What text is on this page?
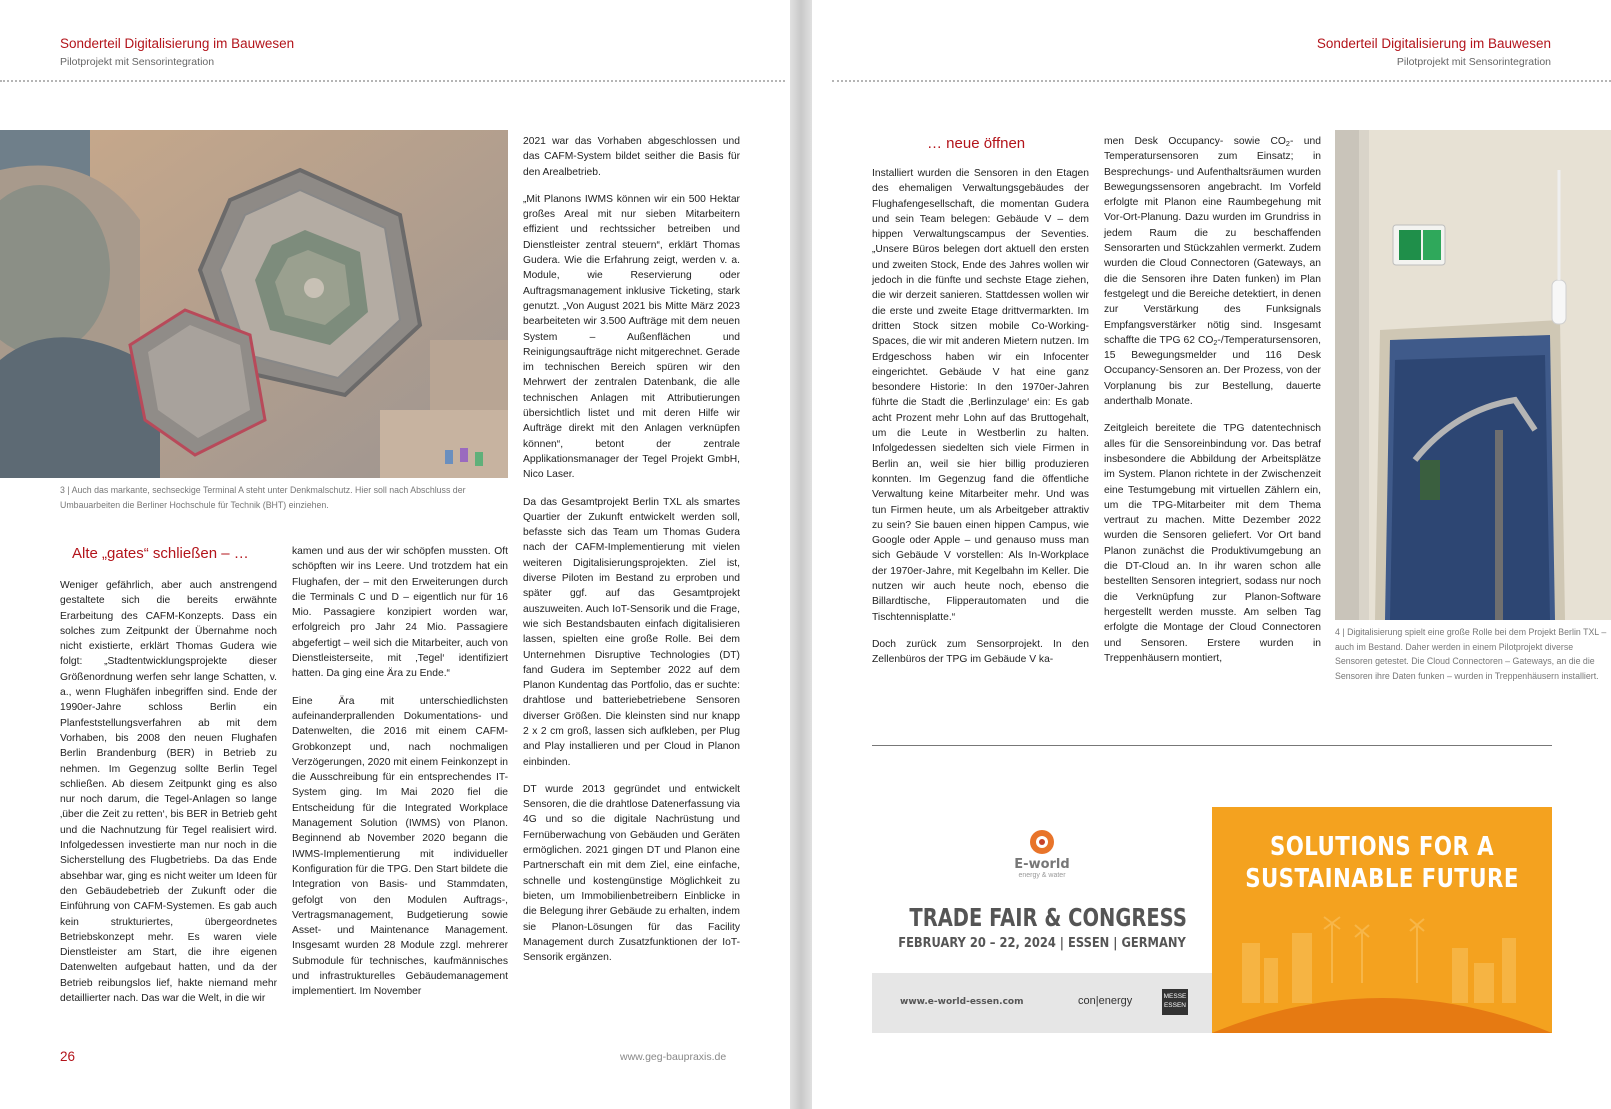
Sonderteil Digitalisierung im Bauwesen
Pilotprojekt mit Sensorintegration
3 | Auch das markante, sechseckige Terminal A steht unter Denkmalschutz. Hier soll nach Abschluss der Umbauarbeiten die Berliner Hochschule für Technik (BHT) einziehen.
Alte „gates“ schließen – …

Weniger gefährlich, aber auch anstrengend gestaltete sich die bereits erwähnte Erarbeitung des CAFM-Konzepts. Dass ein solches zum Zeitpunkt der Übernahme noch nicht existierte, erklärt Thomas Gudera wie folgt: „Stadtentwicklungsprojekte dieser Größenordnung werfen sehr lange Schatten, v. a., wenn Flughäfen inbegriffen sind. Ende der 1990er-Jahre schloss Berlin ein Planfeststellungsverfahren ab mit dem Vorhaben, bis 2008 den neuen Flughafen Berlin Brandenburg (BER) in Betrieb zu nehmen. Im Gegenzug sollte Berlin Tegel schließen. Ab diesem Zeitpunkt ging es also nur noch darum, die Tegel-Anlagen so lange ‚über die Zeit zu retten‘, bis BER in Betrieb geht und die Nachnutzung für Tegel realisiert wird. Infolgedessen investierte man nur noch in die Sicherstellung des Flugbetriebs. Da das Ende absehbar war, ging es nicht weiter um Ideen für den Gebäudebetrieb der Zukunft oder die Einführung von CAFM-Systemen. Es gab auch kein strukturiertes, übergeordnetes Betriebskonzept mehr. Es waren viele Dienstleister am Start, die ihre eigenen Datenwelten aufgebaut hatten, und da der Betrieb reibungslos lief, hakte niemand mehr detaillierter nach. Das war die Welt, in die wir

kamen und aus der wir schöpfen mussten. Oft schöpften wir ins Leere. Und trotzdem hat ein Flughafen, der – mit den Erweiterungen durch die Terminals C und D – eigentlich nur für 16 Mio. Passagiere konzipiert worden war, erfolgreich pro Jahr 24 Mio. Passagiere abgefertigt – weil sich die Mitarbeiter, auch von Dienstleisterseite, mit ‚Tegel‘ identifiziert hatten. Da ging eine Ära zu Ende.“

Eine Ära mit unterschiedlichsten aufeinanderprallenden Dokumentations- und Datenwelten, die 2016 mit einem CAFM-Grobkonzept und, nach nochmaligen Verzögerungen, 2020 mit einem Feinkonzept in die Ausschreibung für ein entsprechendes IT-System ging. Im Mai 2020 fiel die Entscheidung für die Integrated Workplace Management Solution (IWMS) von Planon. Beginnend ab November 2020 begann die IWMS-Implementierung mit individueller Konfiguration für die TPG. Den Start bildete die Integration von Basis- und Stammdaten, gefolgt von den Modulen Auftrags-, Vertragsmanagement, Budgetierung sowie Asset- und Maintenance Management. Insgesamt wurden 28 Module zzgl. mehrerer Submodule für technisches, kaufmännisches und infrastrukturelles Gebäudemanagement implementiert. Im November

2021 war das Vorhaben abgeschlossen und das CAFM-System bildet seither die Basis für den Arealbetrieb.

„Mit Planons IWMS können wir ein 500 Hektar großes Areal mit nur sieben Mitarbeitern effizient und rechtssicher betreiben und Dienstleister zentral steuern“, erklärt Thomas Gudera. Wie die Erfahrung zeigt, werden v. a. Module, wie Reservierung oder Auftragsmanagement inklusive Ticketing, stark genutzt. „Von August 2021 bis Mitte März 2023 bearbeiteten wir 3.500 Aufträge mit dem neuen System – Außenflächen und Reinigungsaufträge nicht mitgerechnet. Gerade im technischen Bereich spüren wir den Mehrwert der zentralen Datenbank, die alle technischen Anlagen mit Attributierungen übersichtlich listet und mit deren Hilfe wir Aufträge direkt mit den Anlagen verknüpfen können“, betont der zentrale Applikationsmanager der Tegel Projekt GmbH, Nico Laser.

Da das Gesamtprojekt Berlin TXL als smartes Quartier der Zukunft entwickelt werden soll, befasste sich das Team um Thomas Gudera nach der CAFM-Implementierung mit vielen weiteren Digitalisierungsprojekten. Ziel ist, diverse Piloten im Bestand zu erproben und später ggf. auf das Gesamtprojekt auszuweiten. Auch IoT-Sensorik und die Frage, wie sich Bestandsbauten einfach digitalisieren lassen, spielten eine große Rolle. Bei dem Unternehmen Disruptive Technologies (DT) fand Gudera im September 2022 auf dem Planon Kundentag das Portfolio, das er suchte: drahtlose und batteriebetriebene Sensoren diverser Größen. Die kleinsten sind nur knapp 2 x 2 cm groß, lassen sich aufkleben, per Plug and Play installieren und per Cloud in Planon einbinden.

DT wurde 2013 gegründet und entwickelt Sensoren, die die drahtlose Datenerfassung via 4G und so die digitale Nachrüstung und Fernüberwachung von Gebäuden und Geräten ermöglichen. 2021 gingen DT und Planon eine Partnerschaft ein mit dem Ziel, eine einfache, schnelle und kostengünstige Möglichkeit zu bieten, um Immobilienbetreibern Einblicke in die Belegung ihrer Gebäude zu erhalten, indem sie Planon-Lösungen für das Facility Management durch Zusatzfunktionen der IoT-Sensorik ergänzen.

26	www.geg-baupraxis.de
Sonderteil Digitalisierung im Bauwesen
Pilotprojekt mit Sensorintegration
… neue öffnen

Installiert wurden die Sensoren in den Etagen des ehemaligen Verwaltungsgebäudes der Flughafengesellschaft, die momentan Gudera und sein Team belegen: Gebäude V – dem hippen Verwaltungscampus der Seventies. „Unsere Büros belegen dort aktuell den ersten und zweiten Stock, Ende des Jahres wollen wir jedoch in die fünfte und sechste Etage ziehen, die wir derzeit sanieren. Stattdessen wollen wir die erste und zweite Etage drittvermarkten. Im dritten Stock sitzen mobile Co-Working-Spaces, die wir mit anderen Mietern nutzen. Im Erdgeschoss haben wir ein Infocenter eingerichtet. Gebäude V hat eine ganz besondere Historie: In den 1970er-Jahren führte die Stadt die ‚Berlinzulage‘ ein: Es gab acht Prozent mehr Lohn auf das Bruttogehalt, um die Leute in Westberlin zu halten. Infolgedessen siedelten sich viele Firmen in Berlin an, weil sie hier billig produzieren konnten. Im Gegenzug fand die öffentliche Verwaltung keine Mitarbeiter mehr. Und was tun Firmen heute, um als Arbeitgeber attraktiv zu sein? Sie bauen einen hippen Campus, wie Google oder Apple – und genauso muss man sich Gebäude V vorstellen: Als In-Workplace der 1970er-Jahre, mit Kegelbahn im Keller. Die nutzen wir auch heute noch, ebenso die Billardtische, Flipperautomaten und die Tischtennisplatte.“

Doch zurück zum Sensorprojekt. In den Zellenbüros der TPG im Gebäude V ka-

men Desk Occupancy- sowie $CO_2-$ und Temperatursensoren zum Einsatz; in Besprechungs- und Aufenthaltsräumen wurden Bewegungssensoren angebracht. Im Vorfeld erfolgte mit Planon eine Raumbegehung mit Vor-Ort-Planung. Dazu wurden im Grundriss in jedem Raum die zu beschaffenden Sensorarten und Stückzahlen vermerkt. Zudem wurden die Cloud Connectoren (Gateways, an die die Sensoren ihre Daten funken) im Plan festgelegt und die Bereiche detektiert, in denen zur Verstärkung des Funksignals Empfangsverstärker nötig sind. Insgesamt schaffte die TPG 62 $CO_2-$/Temperatursensoren, 15 Bewegungsmelder und 116 Desk Occupancy-Sensoren an. Der Prozess, von der Vorplanung bis zur Bestellung, dauerte anderthalb Monate.

Zeitgleich bereitete die TPG datentechnisch alles für die Sensoreinbindung vor. Das betraf insbesondere die Abbildung der Arbeitsplätze im System. Planon richtete in der Zwischenzeit eine Testumgebung mit virtuellen Zählern ein, um die TPG-Mitarbeiter mit dem Thema vertraut zu machen. Mitte Dezember 2022 wurden die Sensoren geliefert. Vor Ort band Planon zunächst die Produktivumgebung an die DT-Cloud an. In ihr waren schon alle bestellten Sensoren integriert, sodass nur noch die Verknüpfung zur Planon-Software hergestellt werden musste. Am selben Tag erfolgte die Montage der Cloud Connectoren und Sensoren. Erstere wurden in Treppenhäusern montiert,

4 | Digitalisierung spielt eine große Rolle bei dem Projekt Berlin TXL – auch im Bestand. Daher werden in einem Pilotprojekt diverse Sensoren getestet. Die Cloud Connectoren – Gateways, an die die Sensoren ihre Daten funken – wurden in Treppenhäusern installiert.
E-world
energy & water
TRADE FAIR & CONGRESS
FEBRUARY 20 – 22, 2024 | ESSEN | GERMANY
www.e-world-essen.com	con|energy	MESSE
ESSEN
SOLUTIONS FOR A
SUSTAINABLE FUTURE
